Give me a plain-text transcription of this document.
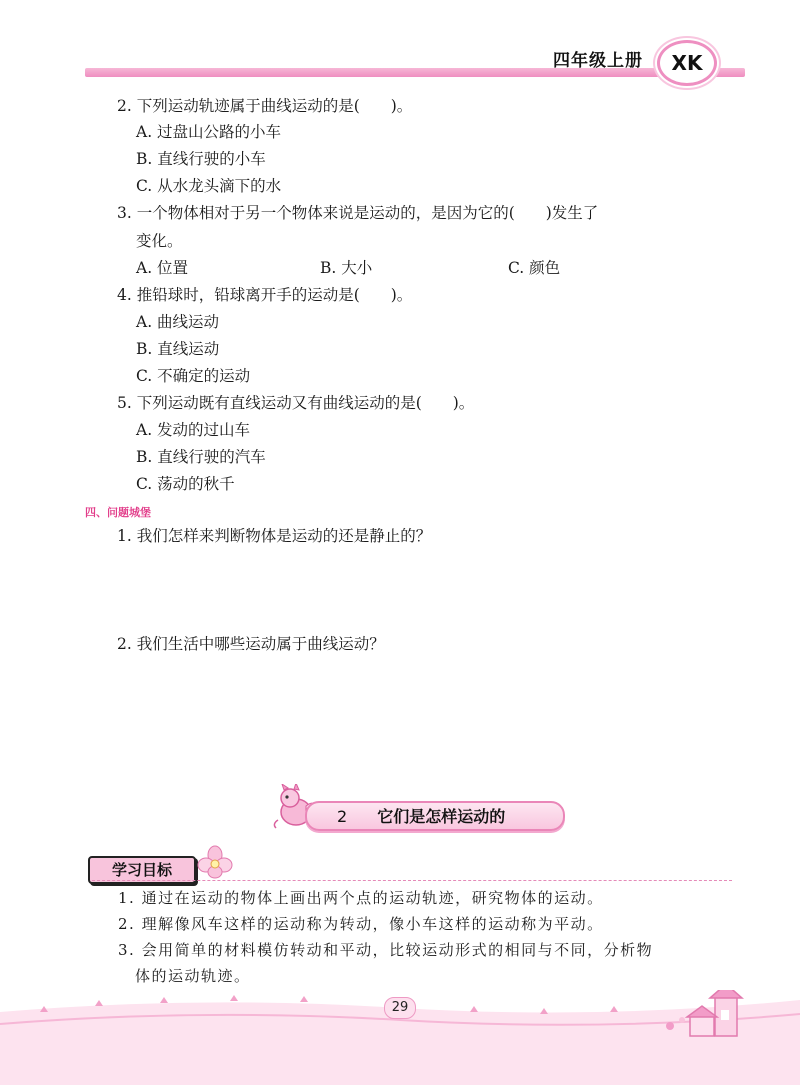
四年级上册	XK
2. 下列运动轨迹属于曲线运动的是(　　)。
A. 过盘山公路的小车
B. 直线行驶的小车
C. 从水龙头滴下的水
3. 一个物体相对于另一个物体来说是运动的，是因为它的(　　)发生了
变化。
A. 位置	B. 大小	C. 颜色
4. 推铅球时，铅球离开手的运动是(　　)。
A. 曲线运动
B. 直线运动
C. 不确定的运动
5. 下列运动既有直线运动又有曲线运动的是(　　)。
A. 发动的过山车
B. 直线行驶的汽车
C. 荡动的秋千
四、问题城堡
1. 我们怎样来判断物体是运动的还是静止的？
2. 我们生活中哪些运动属于曲线运动？
2 它们是怎样运动的
学习目标
1. 通过在运动的物体上画出两个点的运动轨迹，研究物体的运动。
2. 理解像风车这样的运动称为转动，像小车这样的运动称为平动。
3. 会用简单的材料模仿转动和平动，比较运动形式的相同与不同，分析物
体的运动轨迹。
29
